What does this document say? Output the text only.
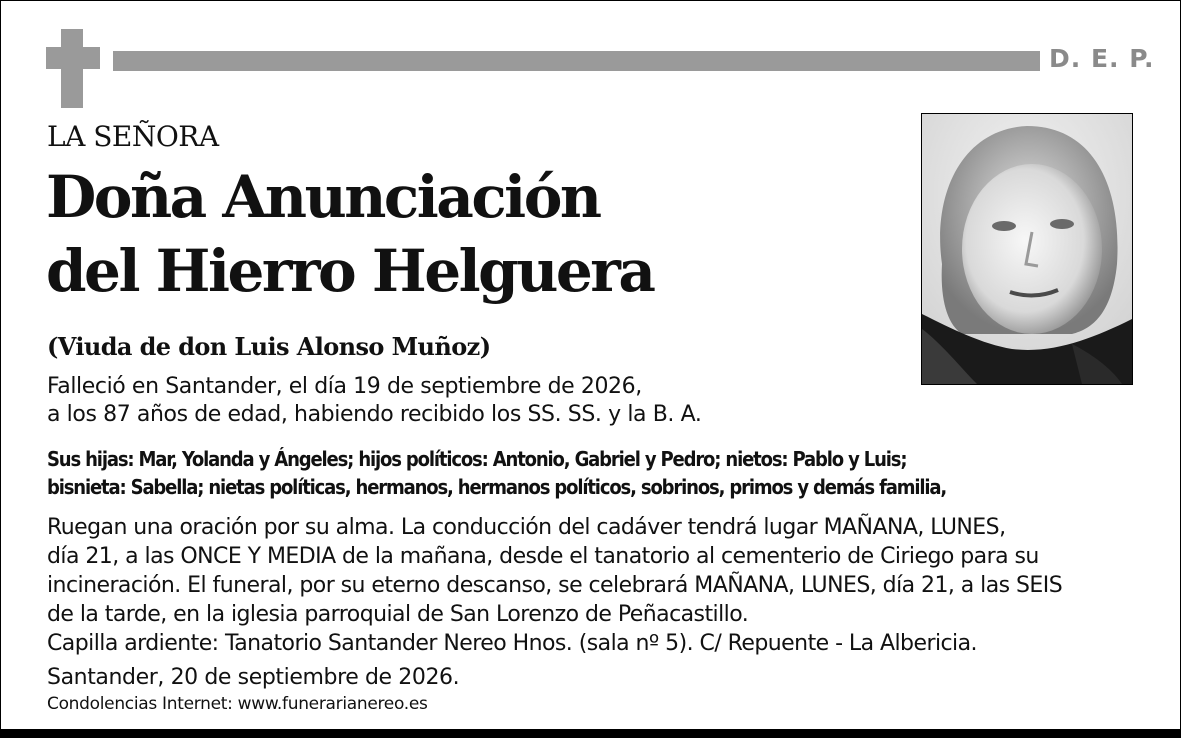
D. E. P.
LA SEÑORA
Doña Anunciación
del Hierro Helguera
(Viuda de don Luis Alonso Muñoz)
Falleció en Santander, el día 19 de septiembre de 2026,
a los 87 años de edad, habiendo recibido los SS. SS. y la B. A.
Sus hijas: Mar, Yolanda y Ángeles; hijos políticos: Antonio, Gabriel y Pedro; nietos: Pablo y Luis;
bisnieta: Sabella; nietas políticas, hermanos, hermanos políticos, sobrinos, primos y demás familia,
Ruegan una oración por su alma. La conducción del cadáver tendrá lugar MAÑANA, LUNES,
día 21, a las ONCE Y MEDIA de la mañana, desde el tanatorio al cementerio de Ciriego para su
incineración. El funeral, por su eterno descanso, se celebrará MAÑANA, LUNES, día 21, a las SEIS
de la tarde, en la iglesia parroquial de San Lorenzo de Peñacastillo.
Capilla ardiente: Tanatorio Santander Nereo Hnos. (sala nº 5). C/ Repuente - La Albericia.
Santander, 20 de septiembre de 2026.
Condolencias Internet: www.funerarianereo.es
